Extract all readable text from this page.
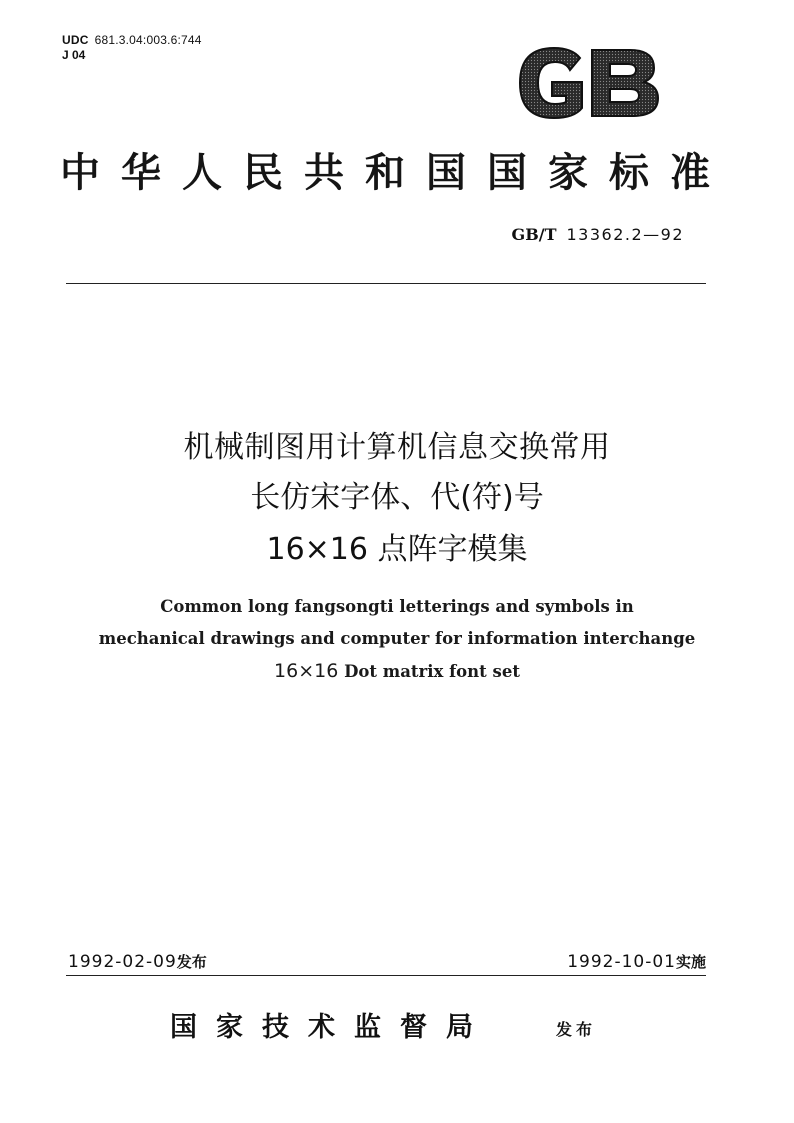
UDC 681.3.04:003.6:744
J 04
GB
中华人民共和国国家标准
GB/T 13362.2—92
机械制图用计算机信息交换常用
长仿宋字体、代(符)号
16×16 点阵字模集
Common long fangsongti letterings and symbols in
mechanical drawings and computer for information interchange
16×16 Dot matrix font set
1992-02-09发布	1992-10-01实施
国家技术监督局	发布
